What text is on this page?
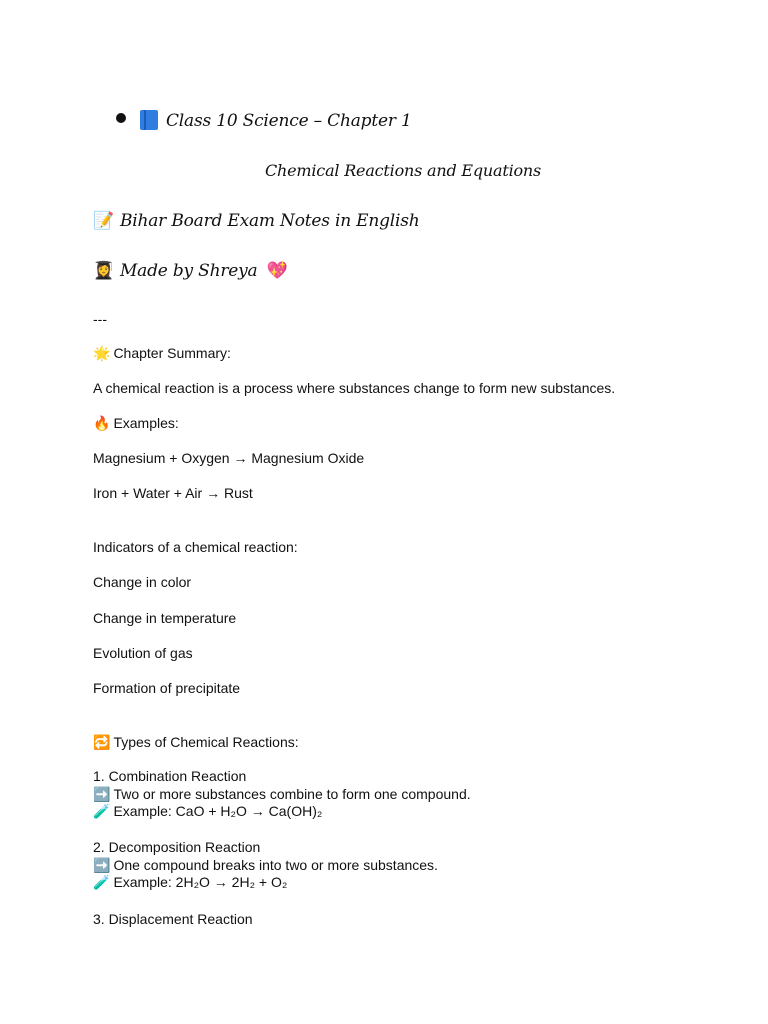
Class 10 Science – Chapter 1
Chemical Reactions and Equations
📝 Bihar Board Exam Notes in English
👩‍🎓 Made by Shreya 💖
---
🌟 Chapter Summary:
A chemical reaction is a process where substances change to form new substances.
🔥 Examples:
Magnesium + Oxygen → Magnesium Oxide
Iron + Water + Air → Rust
Indicators of a chemical reaction:
Change in color
Change in temperature
Evolution of gas
Formation of precipitate
🔁 Types of Chemical Reactions:
1. Combination Reaction
➡️ Two or more substances combine to form one compound.
🧪 Example: CaO + H₂O → Ca(OH)₂
2. Decomposition Reaction
➡️ One compound breaks into two or more substances.
🧪 Example: 2H₂O → 2H₂ + O₂
3. Displacement Reaction
